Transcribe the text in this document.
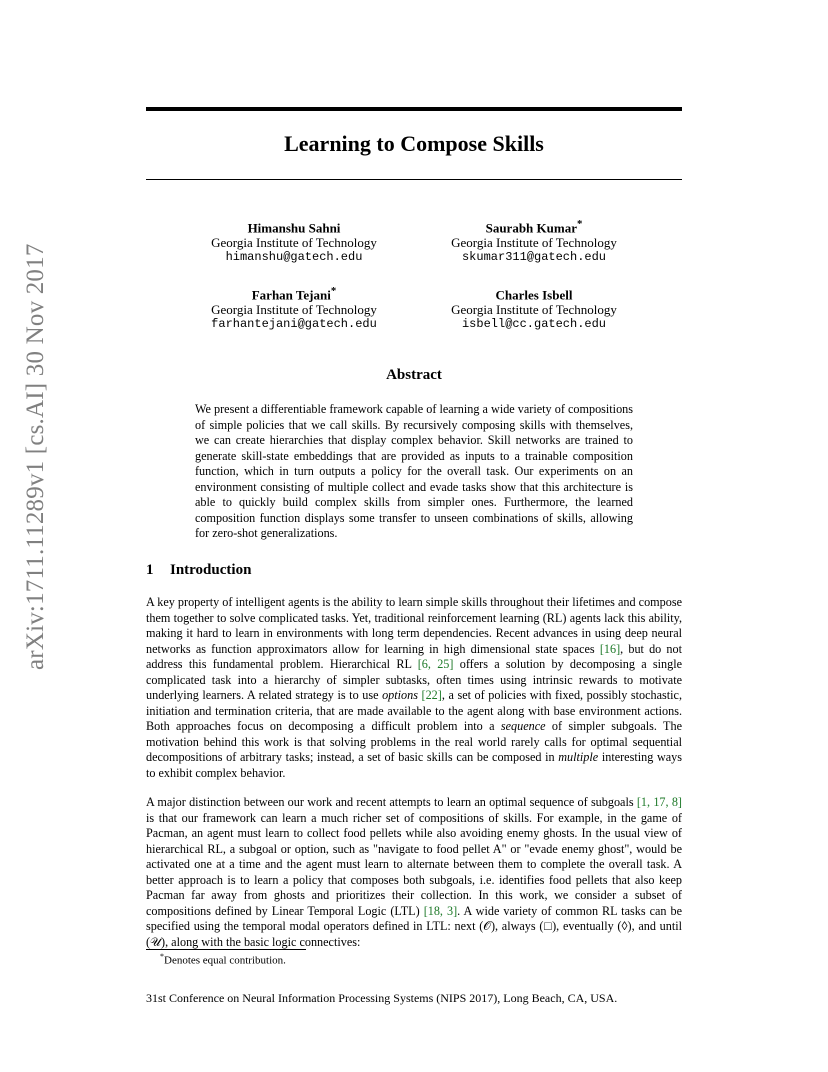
arXiv:1711.11289v1 [cs.AI] 30 Nov 2017
Learning to Compose Skills
Himanshu Sahni
Georgia Institute of Technology
himanshu@gatech.edu
Saurabh Kumar*
Georgia Institute of Technology
skumar311@gatech.edu
Farhan Tejani*
Georgia Institute of Technology
farhantejani@gatech.edu
Charles Isbell
Georgia Institute of Technology
isbell@cc.gatech.edu
Abstract
We present a differentiable framework capable of learning a wide variety of compositions of simple policies that we call skills. By recursively composing skills with themselves, we can create hierarchies that display complex behavior. Skill networks are trained to generate skill-state embeddings that are provided as inputs to a trainable composition function, which in turn outputs a policy for the overall task. Our experiments on an environment consisting of multiple collect and evade tasks show that this architecture is able to quickly build complex skills from simpler ones. Furthermore, the learned composition function displays some transfer to unseen combinations of skills, allowing for zero-shot generalizations.
1 Introduction

A key property of intelligent agents is the ability to learn simple skills throughout their lifetimes and compose them together to solve complicated tasks. Yet, traditional reinforcement learning (RL) agents lack this ability, making it hard to learn in environments with long term dependencies. Recent advances in using deep neural networks as function approximators allow for learning in high dimensional state spaces [16], but do not address this fundamental problem. Hierarchical RL [6, 25] offers a solution by decomposing a single complicated task into a hierarchy of simpler subtasks, often times using intrinsic rewards to motivate underlying learners. A related strategy is to use options [22], a set of policies with fixed, possibly stochastic, initiation and termination criteria, that are made available to the agent along with base environment actions. Both approaches focus on decomposing a difficult problem into a sequence of simpler subgoals. The motivation behind this work is that solving problems in the real world rarely calls for optimal sequential decompositions of arbitrary tasks; instead, a set of basic skills can be composed in multiple interesting ways to exhibit complex behavior.

A major distinction between our work and recent attempts to learn an optimal sequence of subgoals [1, 17, 8] is that our framework can learn a much richer set of compositions of skills. For example, in the game of Pacman, an agent must learn to collect food pellets while also avoiding enemy ghosts. In the usual view of hierarchical RL, a subgoal or option, such as "navigate to food pellet A" or "evade enemy ghost", would be activated one at a time and the agent must learn to alternate between them to complete the overall task. A better approach is to learn a policy that composes both subgoals, i.e. identifies food pellets that also keep Pacman far away from ghosts and prioritizes their collection. In this work, we consider a subset of compositions defined by Linear Temporal Logic (LTL) [18, 3]. A wide variety of common RL tasks can be specified using the temporal modal operators defined in LTL: next (𝒪), always (□), eventually (◊), and until (𝒰), along with the basic logic connectives:

*Denotes equal contribution.
31st Conference on Neural Information Processing Systems (NIPS 2017), Long Beach, CA, USA.
